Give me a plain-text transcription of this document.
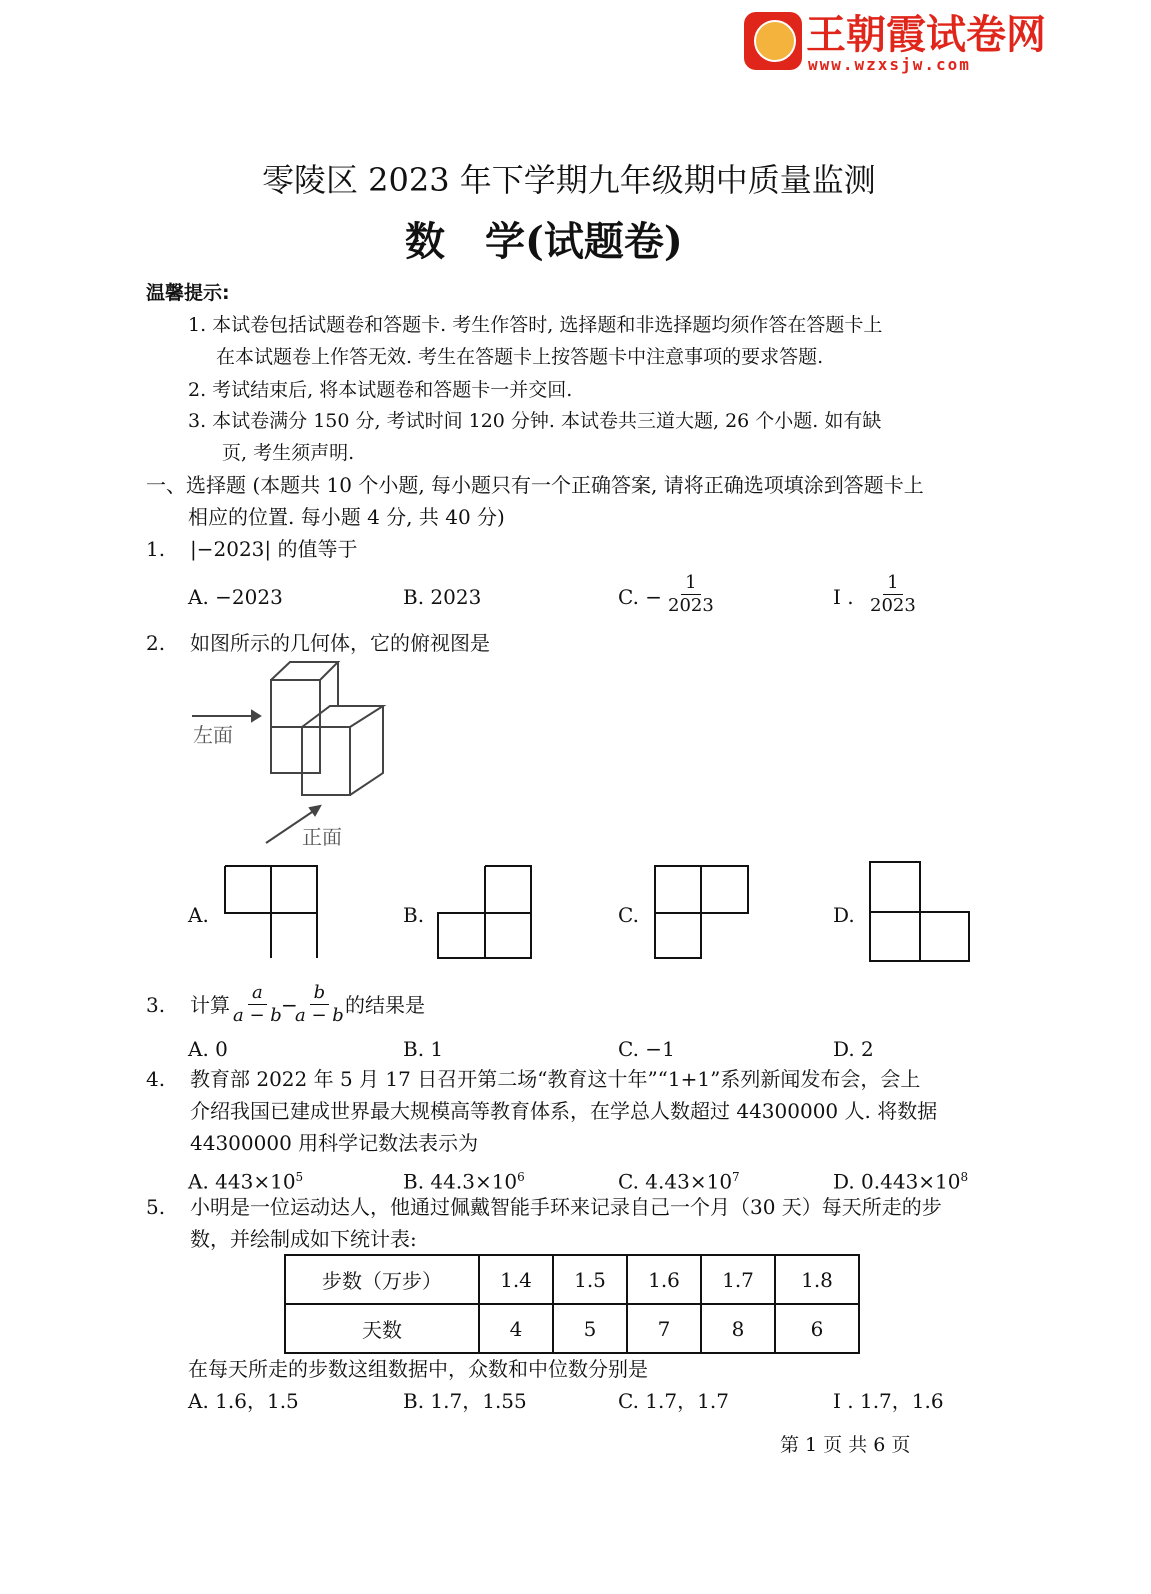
王朝霞试卷网
www.wzxsjw.com
零陵区 2023 年下学期九年级期中质量监测
数　学(试题卷)
温馨提示:
1. 本试卷包括试题卷和答题卡. 考生作答时, 选择题和非选择题均须作答在答题卡上
在本试题卷上作答无效. 考生在答题卡上按答题卡中注意事项的要求答题.
2. 考试结束后, 将本试题卷和答题卡一并交回.
3. 本试卷满分 150 分, 考试时间 120 分钟. 本试卷共三道大题, 26 个小题. 如有缺
页, 考生须声明.
一、选择题 (本题共 10 个小题, 每小题只有一个正确答案, 请将正确选项填涂到答题卡上
相应的位置. 每小题 4 分, 共 40 分)
1. |−2023| 的值等于
A. −2023	B. 2023	C. − $\frac{1}{2023}$	I . $\frac{1}{2023}$
2. 如图所示的几何体，它的俯视图是
左面
正面
A.	B.	C.	D.
3. 计算 $\frac{a}{a - b}$ −
$\frac{b}{a - b}$ 的结果是
A. 0	B. 1	C. −1	D. 2
4. 教育部 2022 年 5 月 17 日召开第二场“教育这十年”“1+1”系列新闻发布会，会上
介绍我国已建成世界最大规模高等教育体系，在学总人数超过 44300000 人. 将数据
44300000 用科学记数法表示为
A. $443\times 10^5$	B. $44.3\times 10^6$	C. $4.43\times 10^7$	D. $0.443\times 10^8$
5. 小明是一位运动达人，他通过佩戴智能手环来记录自己一个月（30 天）每天所走的步
数，并绘制成如下统计表:
步数（万步）	1.4	1.5	1.6	1.7	1.8
天数	4	5	7	8	6
在每天所走的步数这组数据中，众数和中位数分别是
A. 1.6，1.5	B. 1.7，1.55	C. 1.7，1.7	I . 1.7，1.6
第 1 页 共 6 页
